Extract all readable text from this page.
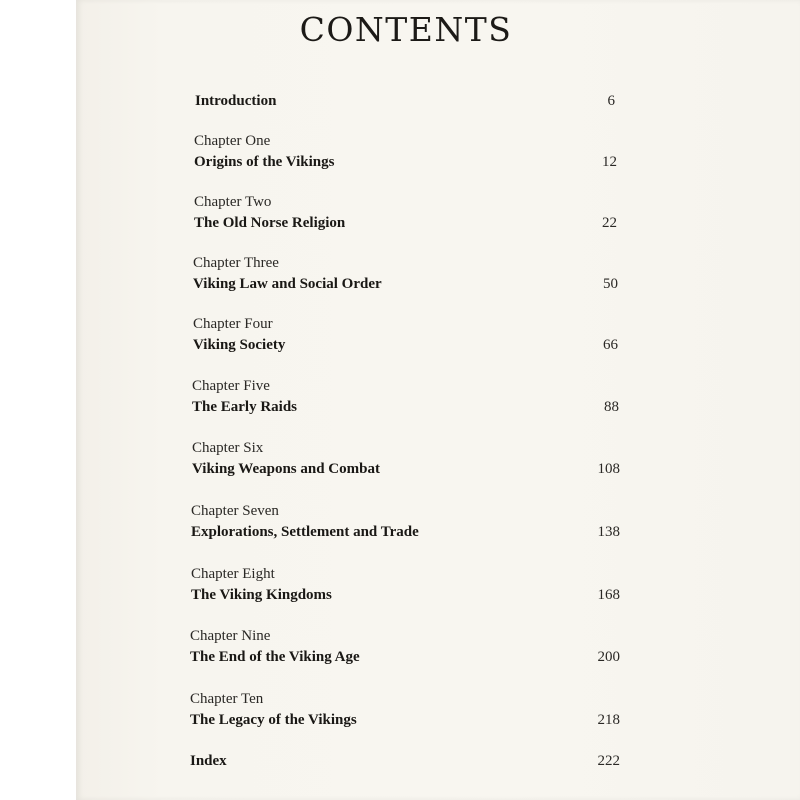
CONTENTS
Introduction	6
Chapter One
Origins of the Vikings	12
Chapter Two
The Old Norse Religion	22
Chapter Three
Viking Law and Social Order	50
Chapter Four
Viking Society	66
Chapter Five
The Early Raids	88
Chapter Six
Viking Weapons and Combat	108
Chapter Seven
Explorations, Settlement and Trade	138
Chapter Eight
The Viking Kingdoms	168
Chapter Nine
The End of the Viking Age	200
Chapter Ten
The Legacy of the Vikings	218
Index	222
